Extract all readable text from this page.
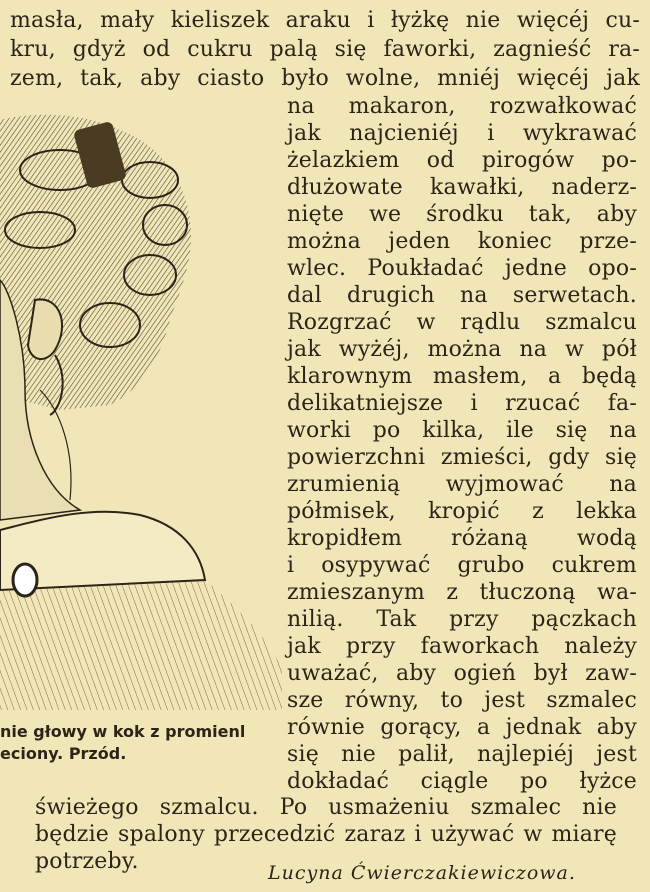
masła, mały kieliszek araku i łyżkę nie więcéj cu-
kru, gdyż od cukru palą się faworki, zagnieść ra-
zem, tak, aby ciasto było wolne, mniéj więcéj jak
na makaron, rozwałkować
jak najcieniéj i wykrawać
żelazkiem od pirogów po-
dłużowate kawałki, naderz-
nięte we środku tak, aby
można jeden koniec prze-
wlec. Poukładać jedne opo-
dal drugich na serwetach.
Rozgrzać w rądlu szmalcu
jak wyżéj, można na w pół
klarownym masłem, a będą
delikatniejsze i rzucać fa-
worki po kilka, ile się na
powierzchni zmieści, gdy się
zrumienią wyjmować na
półmisek, kropić z lekka
kropidłem różaną wodą
i osypywać grubo cukrem
zmieszanym z tłuczoną wa-
nilią. Tak przy pączkach
jak przy faworkach należy
uważać, aby ogień był zaw-
sze równy, to jest szmalec
równie gorący, a jednak aby
się nie palił, najlepiéj jest
dokładać ciągle po łyżce
nie głowy w kok z promienl
eciony. Przód.
świeżego szmalcu. Po usmażeniu szmalec nie
będzie spalony przecedzić zaraz i używać w miarę
potrzeby.	Lucyna Ćwierczakiewiczowa.
